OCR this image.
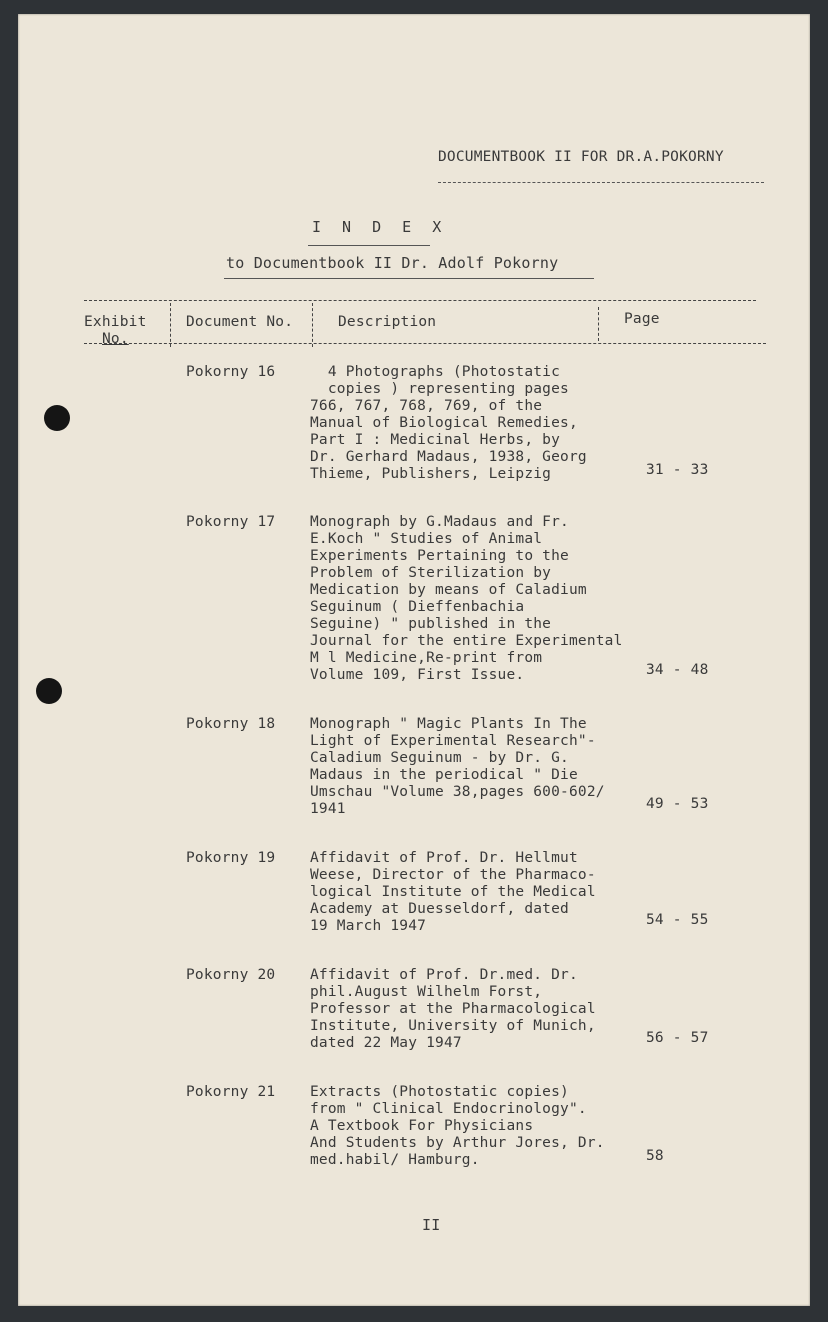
DOCUMENTBOOK II FOR DR.A.POKORNY
I N D E X
to Documentbook II Dr. Adolf Pokorny
Exhibit
No.
Document No.	Description	Page
Pokorny 16 4 Photographs (Photostatic
copies ) representing pages
766, 767, 768, 769, of the
Manual of Biological Remedies,
Part I : Medicinal Herbs, by
Dr. Gerhard Madaus, 1938, Georg
Thieme, Publishers, Leipzig	31 - 33
Pokorny 17 Monograph by G.Madaus and Fr.
E.Koch " Studies of Animal
Experiments Pertaining to the
Problem of Sterilization by
Medication by means of Caladium
Seguinum ( Dieffenbachia
Seguine) " published in the
Journal for the entire Experimental
M l Medicine,Re-print from
Volume 109, First Issue.	34 - 48
Pokorny 18 Monograph " Magic Plants In The
Light of Experimental Research"-
Caladium Seguinum - by Dr. G.
Madaus in the periodical " Die
Umschau "Volume 38,pages 600-602/
1941	49 - 53
Pokorny 19 Affidavit of Prof. Dr. Hellmut
Weese, Director of the Pharmaco-
logical Institute of the Medical
Academy at Duesseldorf, dated
19 March 1947	54 - 55
Pokorny 20 Affidavit of Prof. Dr.med. Dr.
phil.August Wilhelm Forst,
Professor at the Pharmacological
Institute, University of Munich,
dated 22 May 1947	56 - 57
Pokorny 21 Extracts (Photostatic copies)
from " Clinical Endocrinology".
A Textbook For Physicians
And Students by Arthur Jores, Dr.
med.habil/ Hamburg.	58
II
